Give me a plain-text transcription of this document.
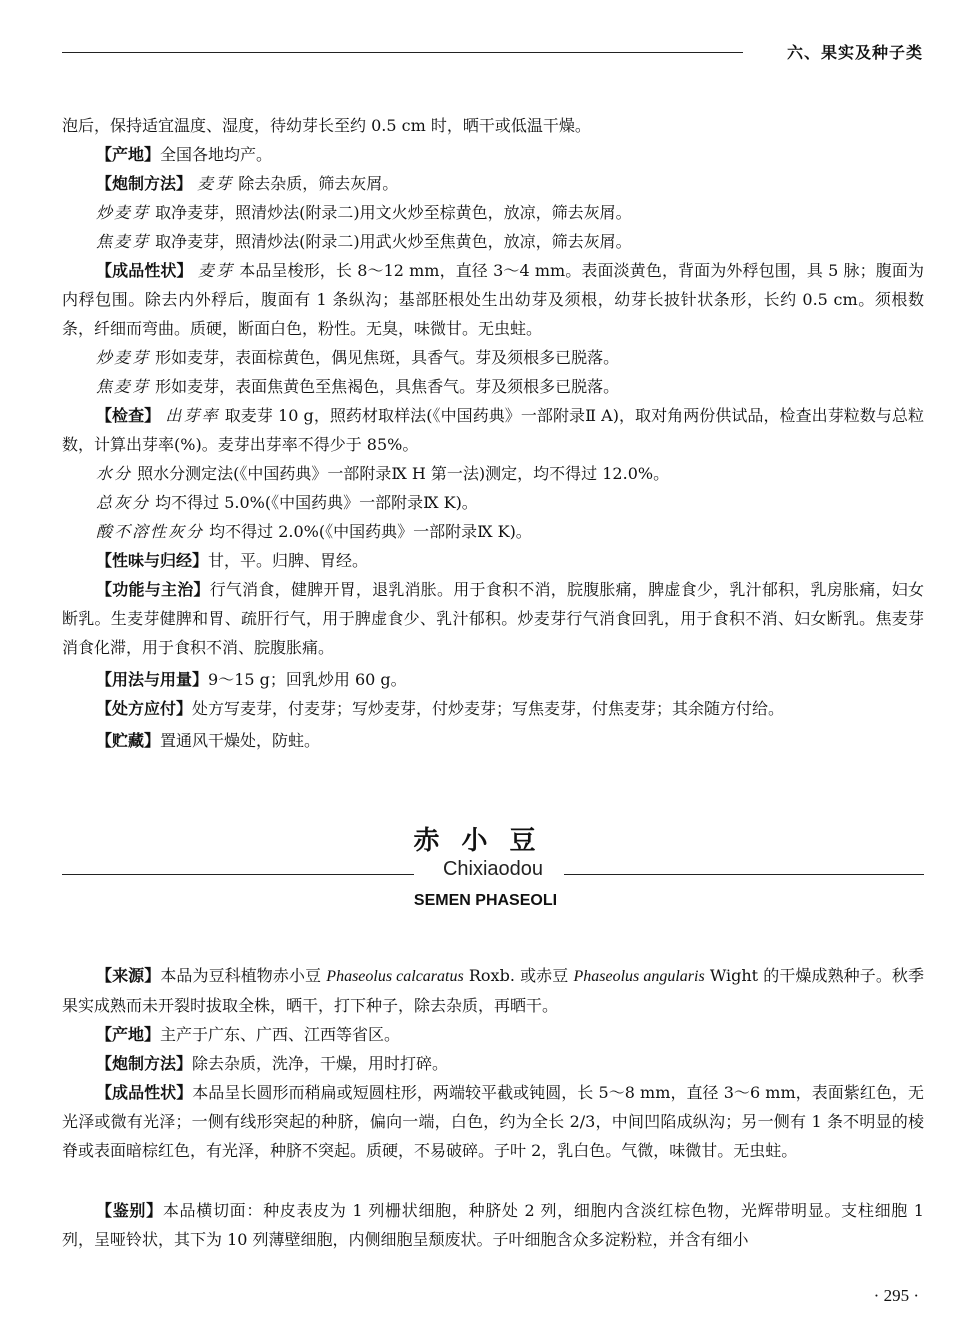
六、果实及种子类

泡后，保持适宜温度、湿度，待幼芽长至约 0.5 cm 时，晒干或低温干燥。

【产地】全国各地均产。

【炮制方法】 麦芽 除去杂质，筛去灰屑。

炒麦芽 取净麦芽，照清炒法(附录二)用文火炒至棕黄色，放凉，筛去灰屑。

焦麦芽 取净麦芽，照清炒法(附录二)用武火炒至焦黄色，放凉，筛去灰屑。

【成品性状】 麦芽 本品呈梭形，长 8～12 mm，直径 3～4 mm。表面淡黄色，背面为外稃包围，具 5 脉；腹面为内稃包围。除去内外稃后，腹面有 1 条纵沟；基部胚根处生出幼芽及须根，幼芽长披针状条形，长约 0.5 cm。须根数条，纤细而弯曲。质硬，断面白色，粉性。无臭，味微甘。无虫蛀。

炒麦芽 形如麦芽，表面棕黄色，偶见焦斑，具香气。芽及须根多已脱落。

焦麦芽 形如麦芽，表面焦黄色至焦褐色，具焦香气。芽及须根多已脱落。

【检查】 出芽率 取麦芽 10 g，照药材取样法(《中国药典》一部附录Ⅱ A)，取对角两份供试品，检查出芽粒数与总粒数，计算出芽率(%)。麦芽出芽率不得少于 85%。

水分 照水分测定法(《中国药典》一部附录Ⅸ H 第一法)测定，均不得过 12.0%。

总灰分 均不得过 5.0%(《中国药典》一部附录Ⅸ K)。

酸不溶性灰分 均不得过 2.0%(《中国药典》一部附录Ⅸ K)。

【性味与归经】甘，平。归脾、胃经。

【功能与主治】行气消食，健脾开胃，退乳消胀。用于食积不消，脘腹胀痛，脾虚食少，乳汁郁积，乳房胀痛，妇女断乳。生麦芽健脾和胃、疏肝行气，用于脾虚食少、乳汁郁积。炒麦芽行气消食回乳，用于食积不消、妇女断乳。焦麦芽消食化滞，用于食积不消、脘腹胀痛。

【用法与用量】9～15 g；回乳炒用 60 g。

【处方应付】处方写麦芽，付麦芽；写炒麦芽，付炒麦芽；写焦麦芽，付焦麦芽；其余随方付给。

【贮藏】置通风干燥处，防蛀。

赤小豆
Chixiaodou
SEMEN PHASEOLI

【来源】本品为豆科植物赤小豆 Phaseolus calcaratus Roxb. 或赤豆 Phaseolus angularis Wight 的干燥成熟种子。秋季果实成熟而未开裂时拔取全株，晒干，打下种子，除去杂质，再晒干。

【产地】主产于广东、广西、江西等省区。

【炮制方法】除去杂质，洗净，干燥，用时打碎。

【成品性状】本品呈长圆形而稍扁或短圆柱形，两端较平截或钝圆，长 5～8 mm，直径 3～6 mm，表面紫红色，无光泽或微有光泽；一侧有线形突起的种脐，偏向一端，白色，约为全长 2/3，中间凹陷成纵沟；另一侧有 1 条不明显的棱脊或表面暗棕红色，有光泽，种脐不突起。质硬，不易破碎。子叶 2，乳白色。气微，味微甘。无虫蛀。

【鉴别】本品横切面：种皮表皮为 1 列栅状细胞，种脐处 2 列，细胞内含淡红棕色物，光辉带明显。支柱细胞 1 列，呈哑铃状，其下为 10 列薄壁细胞，内侧细胞呈颓废状。子叶细胞含众多淀粉粒，并含有细小

· 295 ·
